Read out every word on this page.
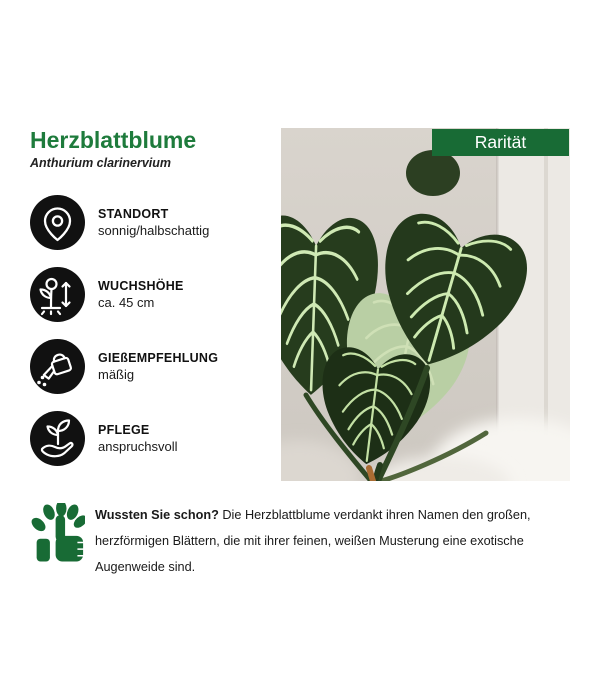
Herzblattblume
Anthurium clarinervium
Rarität
STANDORT
sonnig/halbschattig
WUCHSHÖHE
ca. 45 cm
GIEßEMPFEHLUNG
mäßig
PFLEGE
anspruchsvoll
Wussten Sie schon? Die Herzblattblume verdankt ihren Namen den großen, herzförmigen Blättern, die mit ihrer feinen, weißen Musterung eine exotische Augenweide sind.
